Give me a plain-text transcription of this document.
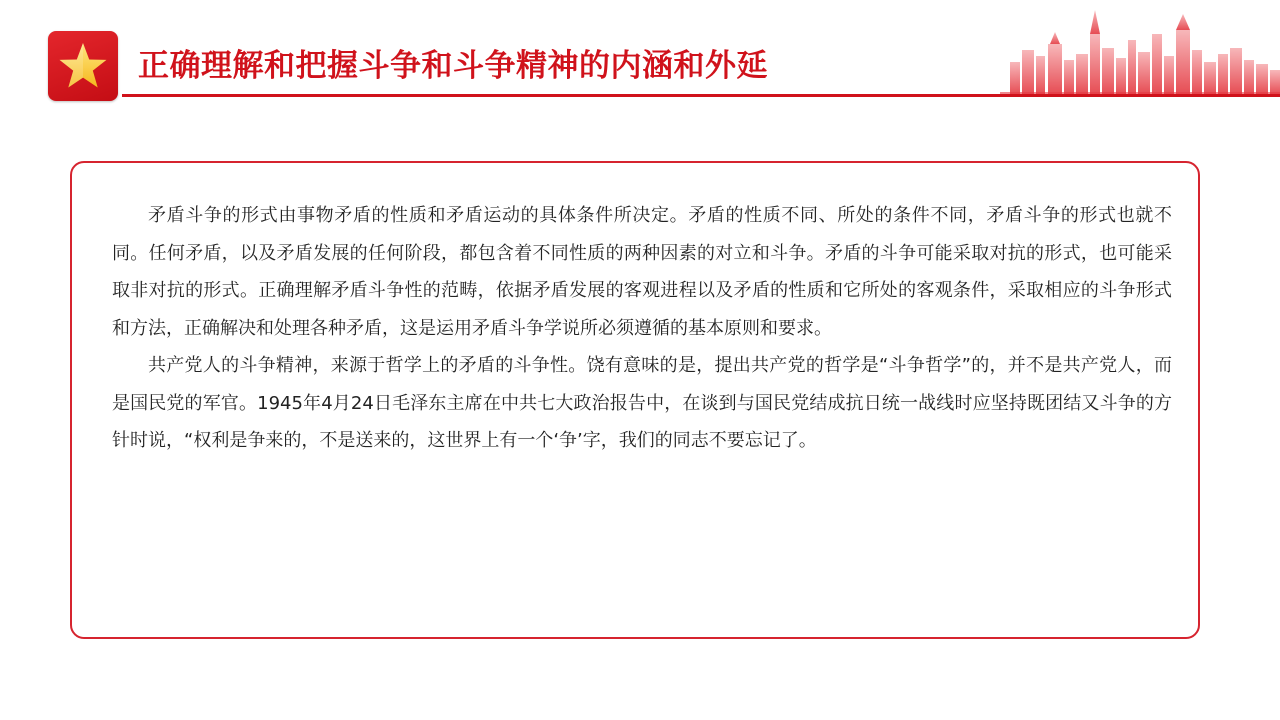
正确理解和把握斗争和斗争精神的内涵和外延

矛盾斗争的形式由事物矛盾的性质和矛盾运动的具体条件所决定。矛盾的性质不同、所处的条件不同，矛盾斗争的形式也就不同。任何矛盾，以及矛盾发展的任何阶段，都包含着不同性质的两种因素的对立和斗争。矛盾的斗争可能采取对抗的形式，也可能采取非对抗的形式。正确理解矛盾斗争性的范畴，依据矛盾发展的客观进程以及矛盾的性质和它所处的客观条件，采取相应的斗争形式和方法，正确解决和处理各种矛盾，这是运用矛盾斗争学说所必须遵循的基本原则和要求。

共产党人的斗争精神，来源于哲学上的矛盾的斗争性。饶有意味的是，提出共产党的哲学是“斗争哲学”的，并不是共产党人，而是国民党的军官。1945年4月24日毛泽东主席在中共七大政治报告中，在谈到与国民党结成抗日统一战线时应坚持既团结又斗争的方针时说，“权利是争来的，不是送来的，这世界上有一个‘争’字，我们的同志不要忘记了。
